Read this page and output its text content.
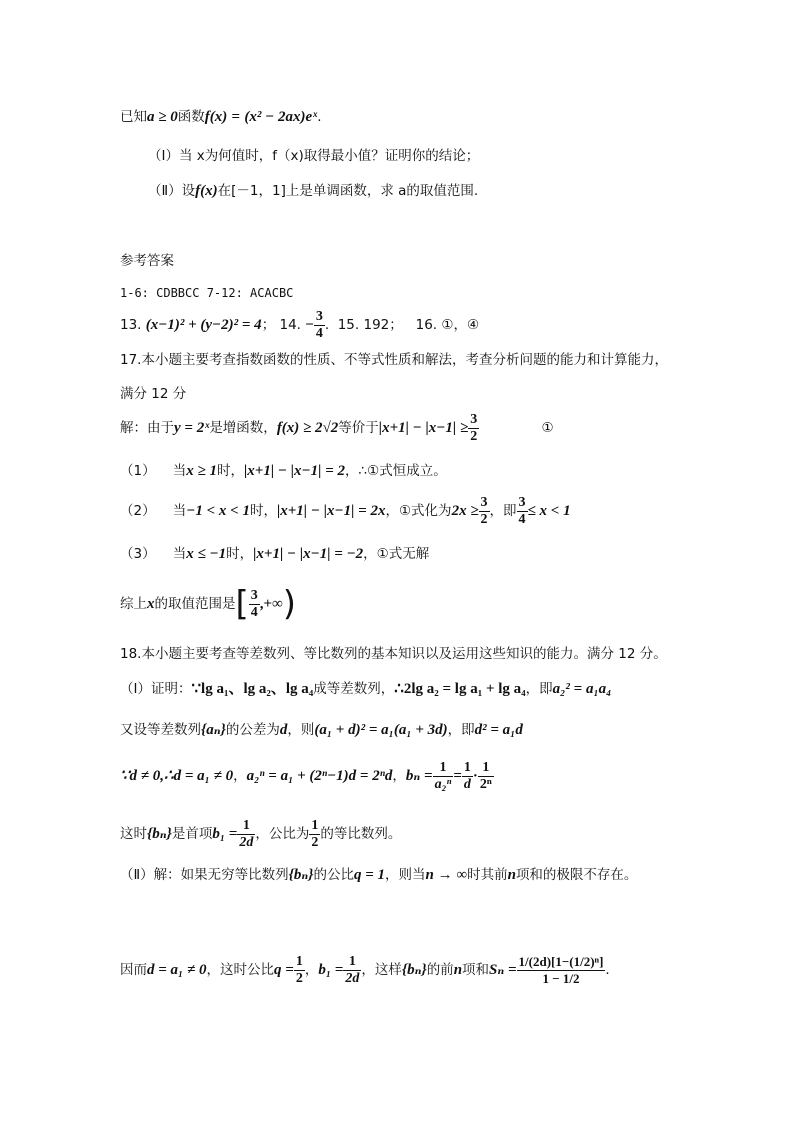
已知a ≥ 0函数f(x) = (x² − 2ax)eˣ.
（Ⅰ）当 x为何值时，f（x)取得最小值？证明你的结论；
（Ⅱ）设f(x)在[－1，1]上是单调函数，求 a的取值范围.
参考答案
1-6: CDBBCC 7-12: ACACBC
13. (x−1)² + (y−2)² = 4； 14. − $\frac{3}{4}$ . 15. 192； 16. ①，④
17.本小题主要考查指数函数的性质、不等式性质和解法，考查分析问题的能力和计算能力，
满分 12 分
解：由于y = 2ˣ是增函数，f(x) ≥ 2√2等价于$|x+1| - |x-1| \ge \frac{3}{2}$	①
（1） 当x ≥ 1时，|x+1| − |x−1| = 2，∴①式恒成立。
（2） 当−1 < x < 1时，|x+1| − |x−1| = 2x，①式化为$2x \ge \frac{3}{2}$ ，即 $\frac{3}{4} \le x < 1$
（3） 当x ≤ −1时，|x+1| − |x−1| = −2，①式无解
综上x的取值范围是[ $\frac{3}{4}$ ,+∞)
18.本小题主要考查等差数列、等比数列的基本知识以及运用这些知识的能力。满分 12 分。
（Ⅰ）证明：∵lg a₁、lg a₂、lg a₄成等差数列，∴2lg a₂ = lg a₁ + lg a₄，即a₂² = a₁a₄
又设等差数列{aₙ}的公差为d，则(a₁ + d)² = a₁(a₁ + 3d)，即d² = a₁d
∵d ≠ 0,∴d = a₁ ≠ 0，a₂ⁿ = a₁ + (2ⁿ−1)d = 2ⁿd，$b_n = \frac{1}{\text{a₂ⁿ}} = \frac{1}{d} \cdot \frac{1}{\text{2ⁿ}}$
这时{bₙ}是首项$b_1 = \frac{1}{2d}$ ，公比为 $\frac{1}{2}$ 的等比数列。
（Ⅱ）解：如果无穷等比数列{bₙ}的公比q = 1，则当n → ∞时其前n项和的极限不存在。
因而d = a₁ ≠ 0，这时公比$q = \frac{1}{2}$ ，$b_1 = \frac{1}{2d}$ ，这样{bₙ}的前n项和$S_n = \frac{\text{1/(2d)[1−(1/2)ⁿ]}}{1 - 1/2}$ .
